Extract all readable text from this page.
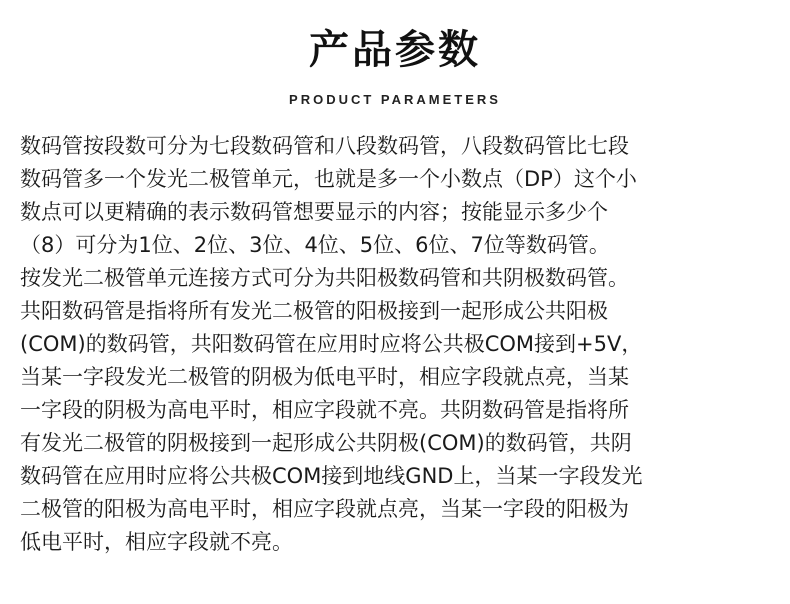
产品参数
PRODUCT PARAMETERS
数码管按段数可分为七段数码管和八段数码管，八段数码管比七段
数码管多一个发光二极管单元，也就是多一个小数点（DP）这个小
数点可以更精确的表示数码管想要显示的内容；按能显示多少个
（8）可分为1位、2位、3位、4位、5位、6位、7位等数码管。
按发光二极管单元连接方式可分为共阳极数码管和共阴极数码管。
共阳数码管是指将所有发光二极管的阳极接到一起形成公共阳极
(COM)的数码管，共阳数码管在应用时应将公共极COM接到+5V，
当某一字段发光二极管的阴极为低电平时，相应字段就点亮，当某
一字段的阴极为高电平时，相应字段就不亮。共阴数码管是指将所
有发光二极管的阴极接到一起形成公共阴极(COM)的数码管，共阴
数码管在应用时应将公共极COM接到地线GND上，当某一字段发光
二极管的阳极为高电平时，相应字段就点亮，当某一字段的阳极为
低电平时，相应字段就不亮。
